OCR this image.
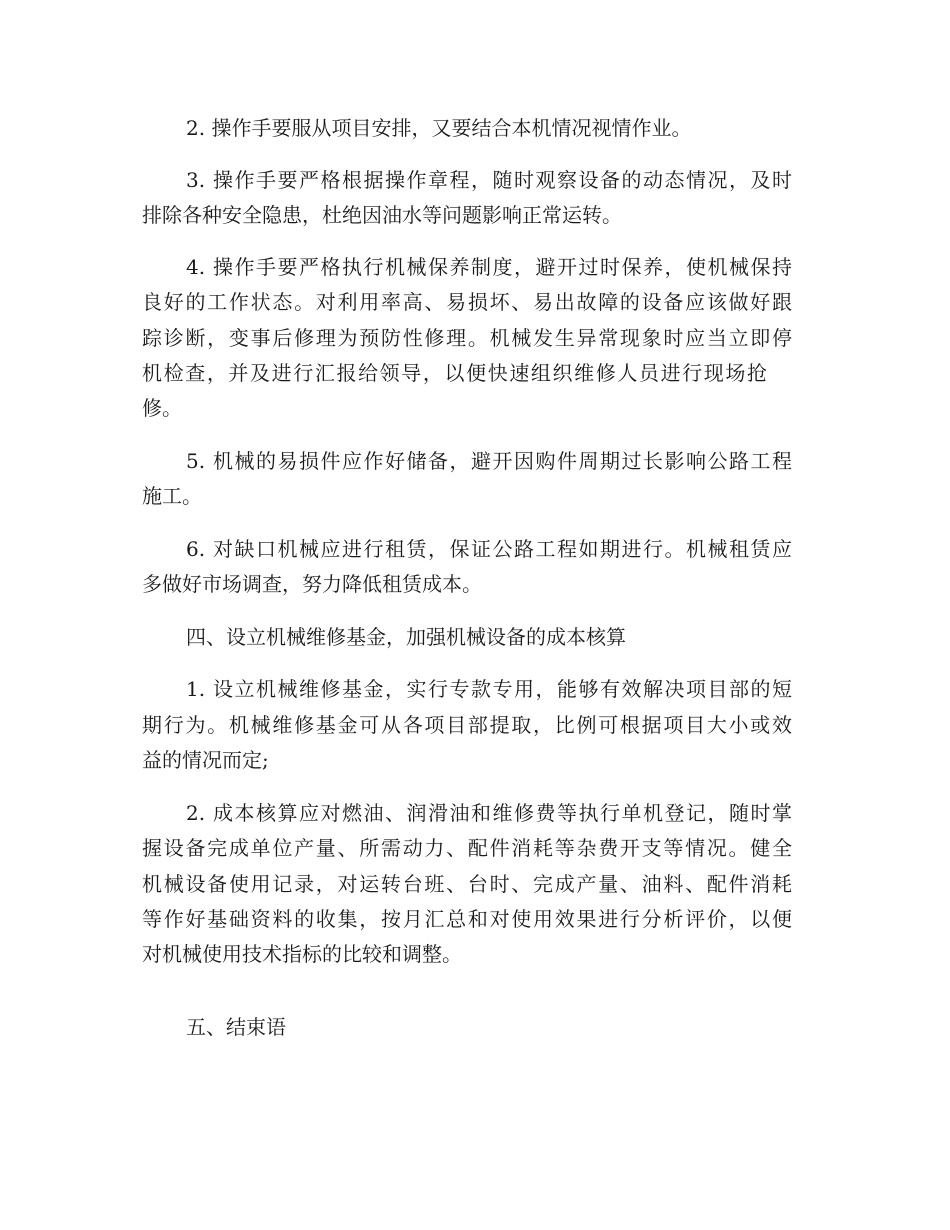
2. 操作手要服从项目安排，又要结合本机情况视情作业。
3. 操作手要严格根据操作章程，随时观察设备的动态情况，及时
排除各种安全隐患，杜绝因油水等问题影响正常运转。
4. 操作手要严格执行机械保养制度，避开过时保养，使机械保持
良好的工作状态。对利用率高、易损坏、易出故障的设备应该做好跟
踪诊断，变事后修理为预防性修理。机械发生异常现象时应当立即停
机检查，并及进行汇报给领导，以便快速组织维修人员进行现场抢
修。
5. 机械的易损件应作好储备，避开因购件周期过长影响公路工程
施工。
6. 对缺口机械应进行租赁，保证公路工程如期进行。机械租赁应
多做好市场调查，努力降低租赁成本。
四、设立机械维修基金，加强机械设备的成本核算
1. 设立机械维修基金，实行专款专用，能够有效解决项目部的短
期行为。机械维修基金可从各项目部提取，比例可根据项目大小或效
益的情况而定;
2. 成本核算应对燃油、润滑油和维修费等执行单机登记，随时掌
握设备完成单位产量、所需动力、配件消耗等杂费开支等情况。健全
机械设备使用记录，对运转台班、台时、完成产量、油料、配件消耗
等作好基础资料的收集，按月汇总和对使用效果进行分析评价，以便
对机械使用技术指标的比较和调整。
五、结束语
